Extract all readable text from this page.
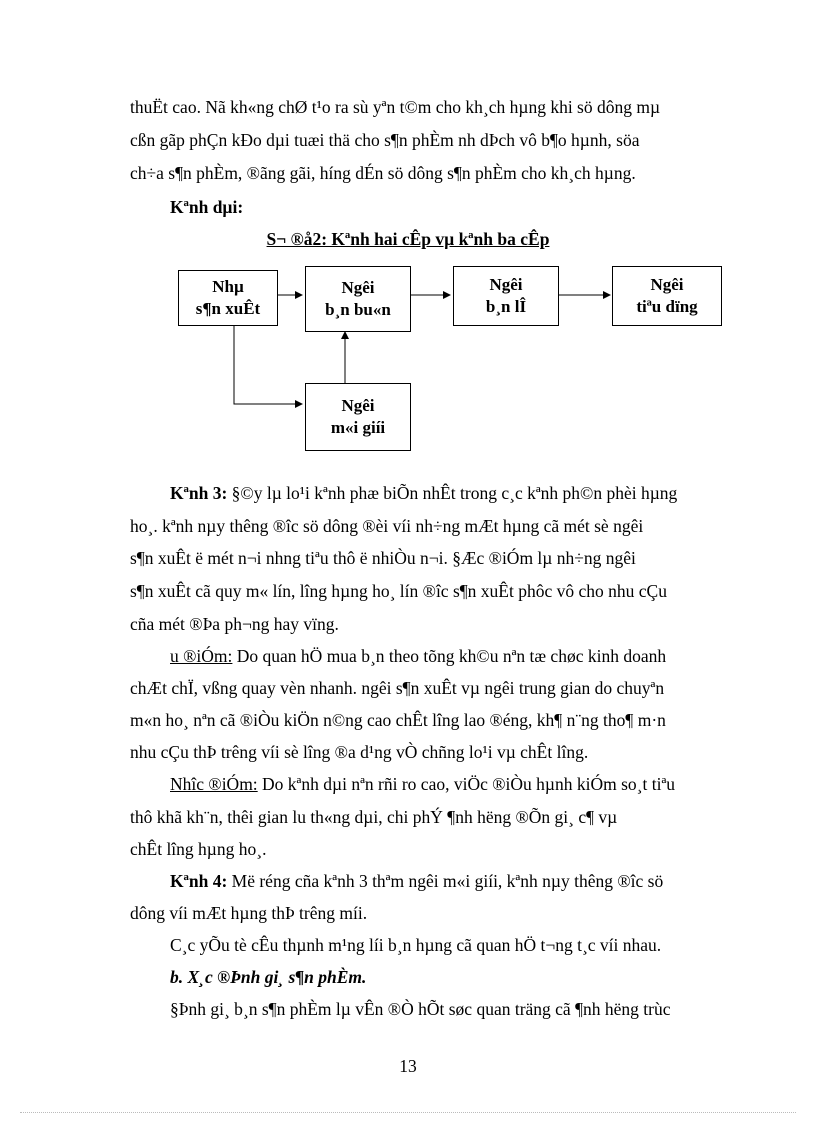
thuËt cao. Nã kh«ng chØ t¹o ra sù yªn t©m cho kh¸ch hµng khi sö dông mµ
cßn gãp phÇn kÐo dµi tuæi thä cho s¶n phÈm nh dÞch vô b¶o hµnh, söa
ch÷a s¶n phÈm, ®ãng gãi, híng dÉn sö dông s¶n phÈm cho kh¸ch hµng.
Kªnh dµi:
S¬ ®å2: Kªnh hai cÊp vµ kªnh ba cÊp
Nhµ
s¶n xuÊt
Ngêi
b¸n bu«n
Ngêi
b¸n lÎ
Ngêi
tiªu dïng
Ngêi
m«i giíi
Kªnh 3: §©y lµ lo¹i kªnh phæ biÕn nhÊt trong c¸c kªnh ph©n phèi hµng
ho¸. kªnh nµy thêng ®îc sö dông ®èi víi nh÷ng mÆt hµng cã mét sè ngêi
s¶n xuÊt ë mét n¬i nhng tiªu thô ë nhiÒu n¬i. §Æc ®iÓm lµ nh÷ng ngêi
s¶n xuÊt cã quy m« lín, lîng hµng ho¸ lín ®îc s¶n xuÊt phôc vô cho nhu cÇu
cña mét ®Þa ph¬ng hay vïng.
u ®iÓm: Do quan hÖ mua b¸n theo tõng kh©u nªn tæ chøc kinh doanh
chÆt chÏ, vßng quay vèn nhanh. ngêi s¶n xuÊt vµ ngêi trung gian do chuyªn
m«n ho¸ nªn cã ®iÒu kiÖn n©ng cao chÊt lîng lao ®éng, kh¶ n¨ng tho¶ m·n
nhu cÇu thÞ trêng víi sè lîng ®a d¹ng vÒ chñng lo¹i vµ chÊt lîng.
Nhîc ®iÓm: Do kªnh dµi nªn rñi ro cao, viÖc ®iÒu hµnh kiÓm so¸t tiªu
thô khã kh¨n, thêi gian lu th«ng dµi, chi phÝ ¶nh hëng ®Õn gi¸ c¶ vµ
chÊt lîng hµng ho¸.
Kªnh 4: Më réng cña kªnh 3 thªm ngêi m«i giíi, kªnh nµy thêng ®îc sö
dông víi mÆt hµng thÞ trêng míi.
C¸c yÕu tè cÊu thµnh m¹ng líi b¸n hµng cã quan hÖ t¬ng t¸c víi nhau.
b. X¸c ®Þnh gi¸ s¶n phÈm.
§Þnh gi¸ b¸n s¶n phÈm lµ vÊn ®Ò hÕt søc quan träng cã ¶nh hëng trùc
13
